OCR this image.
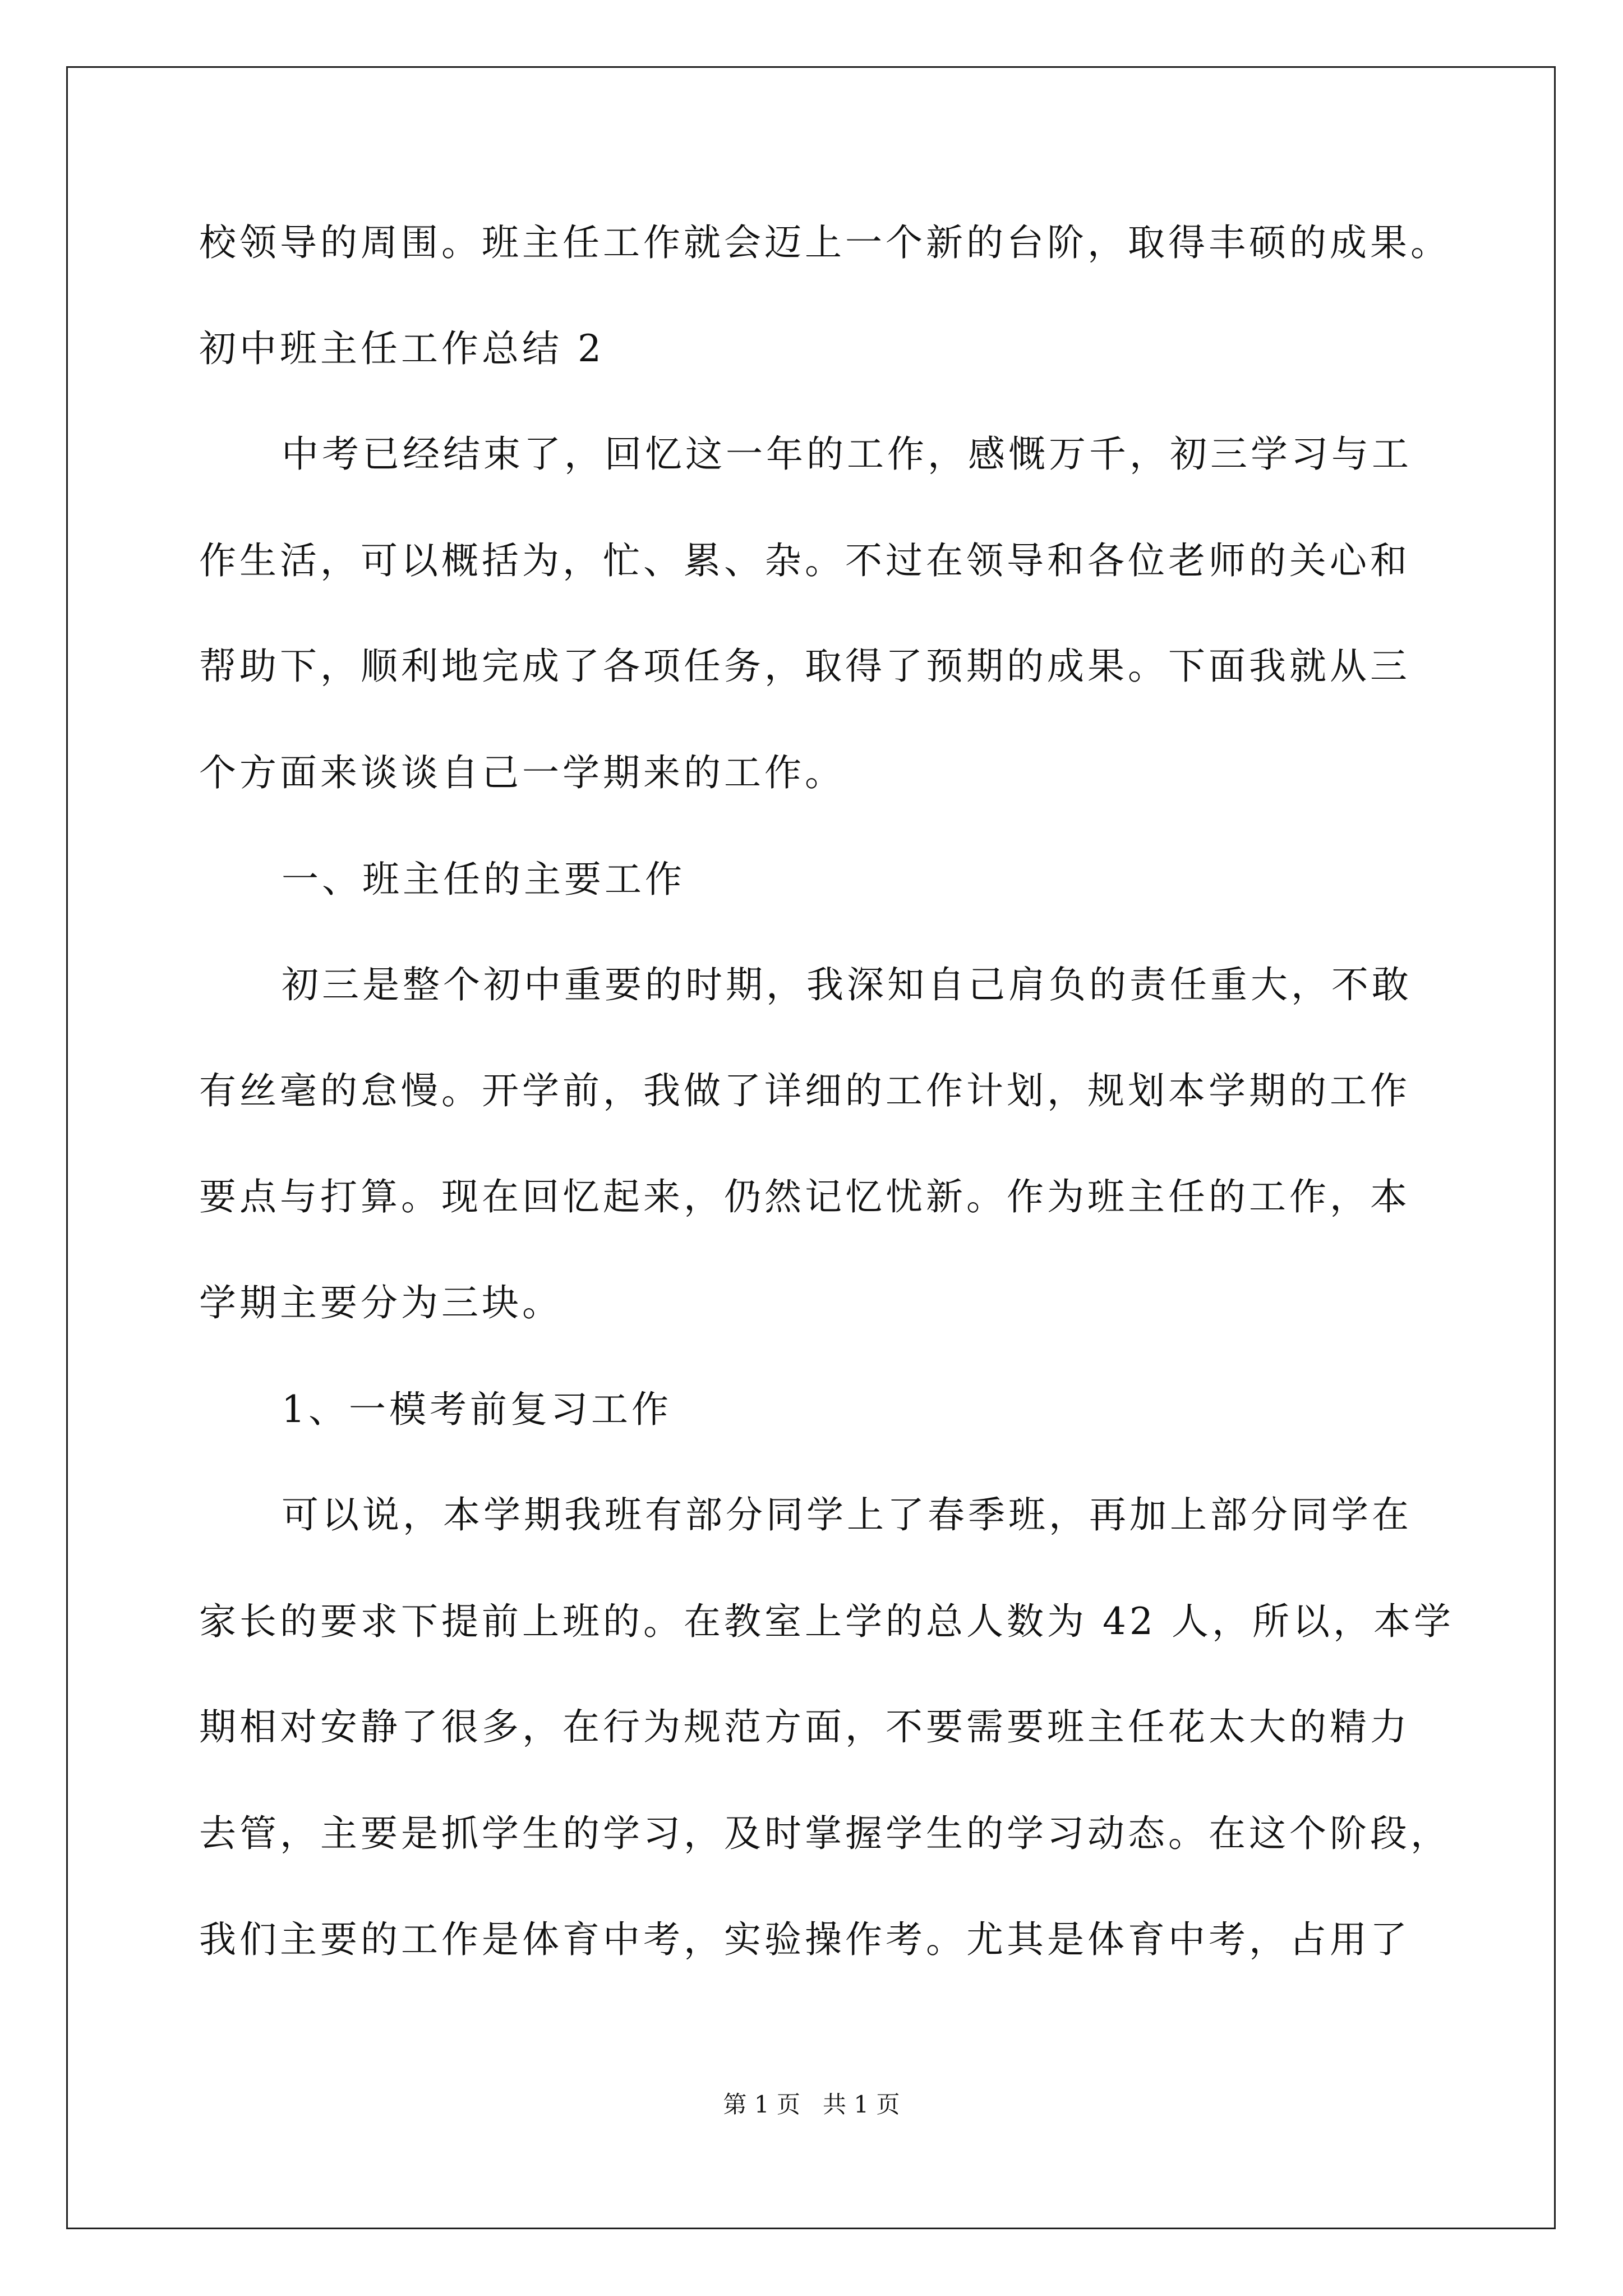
校领导的周围。班主任工作就会迈上一个新的台阶，取得丰硕的成果。
初中班主任工作总结 2
中考已经结束了，回忆这一年的工作，感慨万千，初三学习与工
作生活，可以概括为，忙、累、杂。不过在领导和各位老师的关心和
帮助下，顺利地完成了各项任务，取得了预期的成果。下面我就从三
个方面来谈谈自己一学期来的工作。
一、班主任的主要工作
初三是整个初中重要的时期，我深知自己肩负的责任重大，不敢
有丝毫的怠慢。开学前，我做了详细的工作计划，规划本学期的工作
要点与打算。现在回忆起来，仍然记忆忧新。作为班主任的工作，本
学期主要分为三块。
1、一模考前复习工作
可以说，本学期我班有部分同学上了春季班，再加上部分同学在
家长的要求下提前上班的。在教室上学的总人数为 42 人，所以，本学
期相对安静了很多，在行为规范方面，不要需要班主任花太大的精力
去管，主要是抓学生的学习，及时掌握学生的学习动态。在这个阶段，
我们主要的工作是体育中考，实验操作考。尤其是体育中考，占用了
第 1 页   共 1 页
